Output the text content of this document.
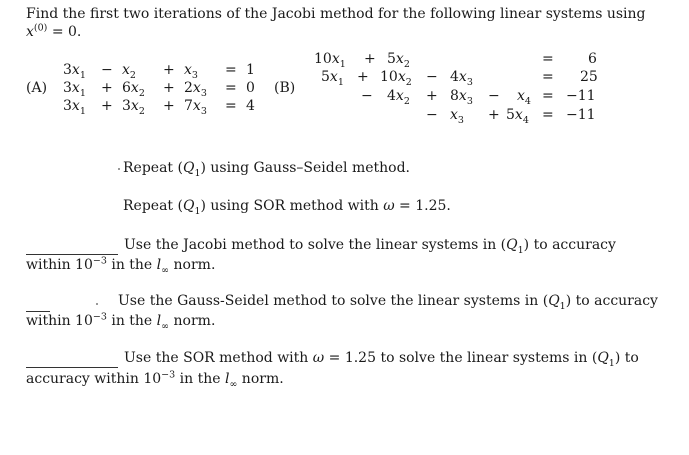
Find the first two iterations of the Jacobi method for the following linear systems using
$x^{(0)} = 0$.
(A)
$3x_1 - x_2 + x_3 = 1$
$3x_1 + 6x_2 + 2x_3 = 0$
$3x_1 + 3x_2 + 7x_3 = 4$
(B)
$10x_1 + 5x_2$	= 6
$5x_1 + 10x_2 - 4x_3$	= 25
− $4x_2 + 8x_3 - x_4 = -11$
− $x_3 + 5x_4 = -11$
Repeat $(Q_1)$ using Gauss–Seidel method.
Repeat $(Q_1)$ using SOR method with ω = 1.25.
Use the Jacobi method to solve the linear systems in $(Q_1)$ to accuracy
within $10^{-3}$ in the $l_\infty$ norm.
Use the Gauss-Seidel method to solve the linear systems in $(Q_1)$ to accuracy
within $10^{-3}$ in the $l_\infty$ norm.
Use the SOR method with ω = 1.25 to solve the linear systems in $(Q_1)$ to
accuracy within $10^{-3}$ in the $l_\infty$ norm.
